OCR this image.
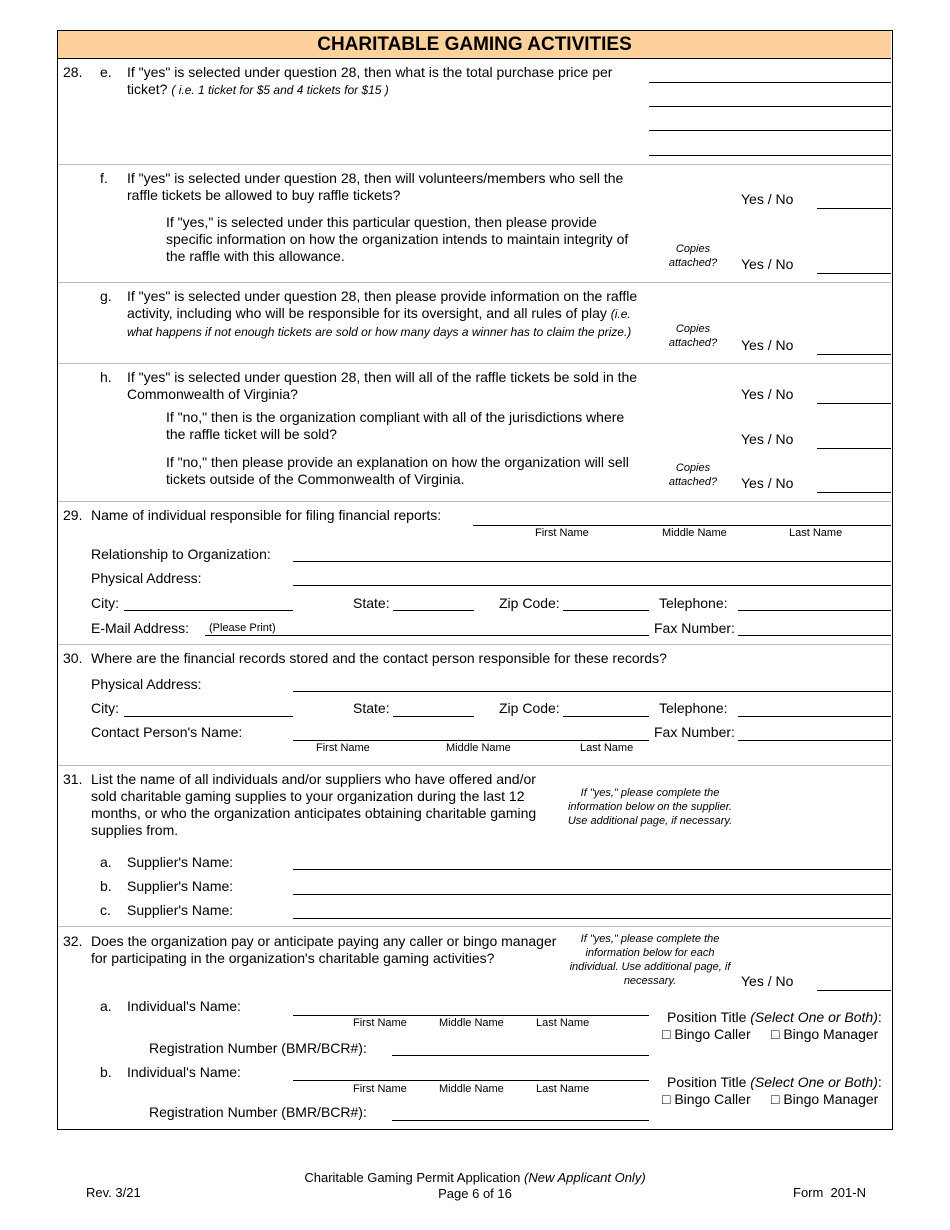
CHARITABLE GAMING ACTIVITIES
28. e. If "yes" is selected under question 28, then what is the total purchase price per ticket? ( i.e. 1 ticket for $5 and 4 tickets for $15 )
f. If "yes" is selected under question 28, then will volunteers/members who sell the raffle tickets be allowed to buy raffle tickets?	Yes / No
If "yes," is selected under this particular question, then please provide specific information on how the organization intends to maintain integrity of the raffle with this allowance.	Copies attached?	Yes / No
g. If "yes" is selected under question 28, then please provide information on the raffle activity, including who will be responsible for its oversight, and all rules of play (i.e. what happens if not enough tickets are sold or how many days a winner has to claim the prize.)	Copies attached?	Yes / No
h. If "yes" is selected under question 28, then will all of the raffle tickets be sold in the Commonwealth of Virginia?	Yes / No
If "no," then is the organization compliant with all of the jurisdictions where the raffle ticket will be sold?	Yes / No
If "no," then please provide an explanation on how the organization will sell tickets outside of the Commonwealth of Virginia.
Copies attached?	Yes / No
29. Name of individual responsible for filing financial reports:
First Name	Middle Name	Last Name
Relationship to Organization:
Physical Address:
City:	State:	Zip Code:	Telephone:
E-Mail Address: (Please Print)	Fax Number:
30. Where are the financial records stored and the contact person responsible for these records?
Physical Address:
City:	State:	Zip Code:	Telephone:
Contact Person's Name:
First Name	Middle Name	Last Name
Fax Number:
31. List the name of all individuals and/or suppliers who have offered and/or sold charitable gaming supplies to your organization during the last 12 months, or who the organization anticipates obtaining charitable gaming supplies from.
If "yes," please complete the information below on the supplier. Use additional page, if necessary.
a. Supplier's Name:
b. Supplier's Name:
c. Supplier's Name:
32. Does the organization pay or anticipate paying any caller or bingo manager for participating in the organization's charitable gaming activities?
If "yes," please complete the information below for each individual. Use additional page, if necessary.	Yes / No
a. Individual's Name:
First Name	Middle Name	Last Name	Position Title (Select One or Both):
□ Bingo Caller □ Bingo Manager
Registration Number (BMR/BCR#):
b. Individual's Name:
First Name	Middle Name	Last Name	Position Title (Select One or Both):
□ Bingo Caller □ Bingo Manager
Registration Number (BMR/BCR#):
Rev. 3/21
Charitable Gaming Permit Application (New Applicant Only)
Page 6 of 16	Form  201-N
